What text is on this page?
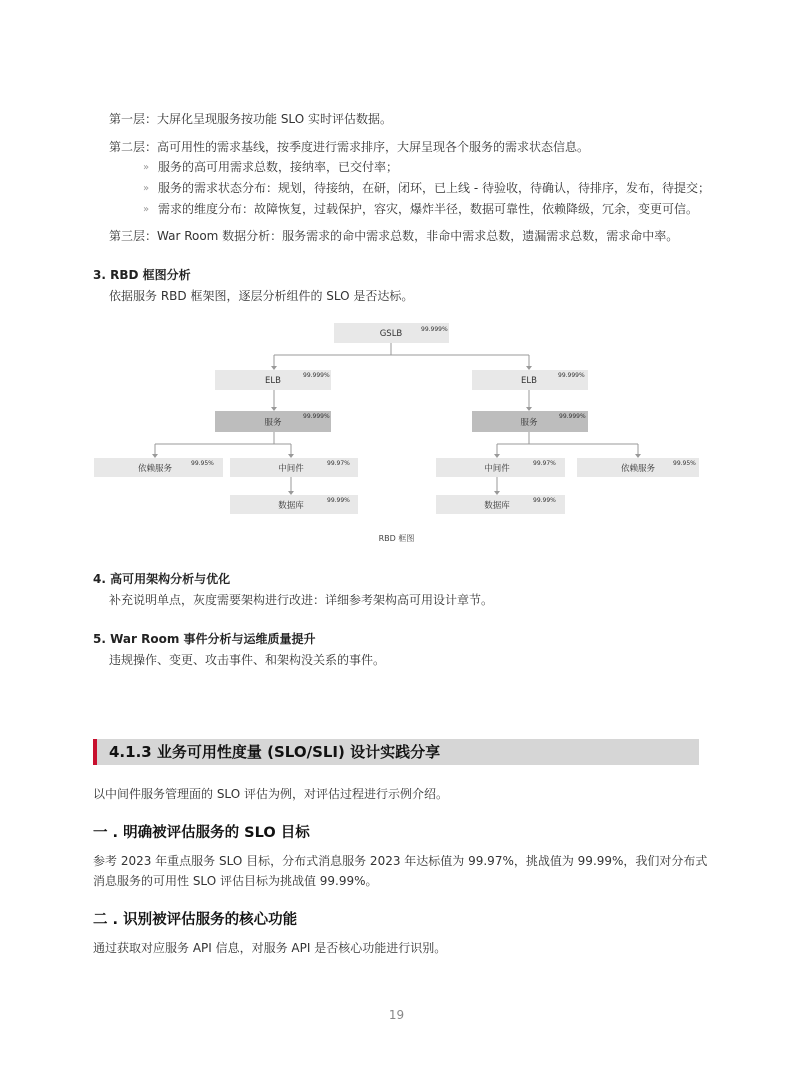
第一层：大屏化呈现服务按功能 SLO 实时评估数据。
第二层：高可用性的需求基线，按季度进行需求排序，大屏呈现各个服务的需求状态信息。
» 服务的高可用需求总数，接纳率，已交付率；
» 服务的需求状态分布：规划，待接纳，在研，闭环，已上线 - 待验收，待确认，待排序，发布，待提交；
» 需求的维度分布：故障恢复，过载保护，容灾，爆炸半径，数据可靠性，依赖降级，冗余，变更可信。
第三层：War Room 数据分析：服务需求的命中需求总数，非命中需求总数，遗漏需求总数，需求命中率。
3. RBD 框图分析
依据服务 RBD 框架图，逐层分析组件的 SLO 是否达标。
GSLB	99.999%
ELB
99.999%
ELB
99.999%
服务
99.999%
服务
99.999%
依赖服务
99.95%
中间件
99.97%
中间件
99.97%
依赖服务
99.95%
数据库
99.99%
数据库
99.99%
RBD 框图
4. 高可用架构分析与优化
补充说明单点，灰度需要架构进行改进：详细参考架构高可用设计章节。
5. War Room 事件分析与运维质量提升
违规操作、变更、攻击事件、和架构没关系的事件。
4.1.3 业务可用性度量 (SLO/SLI) 设计实践分享
以中间件服务管理面的 SLO 评估为例，对评估过程进行示例介绍。
一 . 明确被评估服务的 SLO 目标
参考 2023 年重点服务 SLO 目标，分布式消息服务 2023 年达标值为 99.97%，挑战值为 99.99%，我们对分布式
消息服务的可用性 SLO 评估目标为挑战值 99.99%。
二 . 识别被评估服务的核心功能
通过获取对应服务 API 信息，对服务 API 是否核心功能进行识别。
19
